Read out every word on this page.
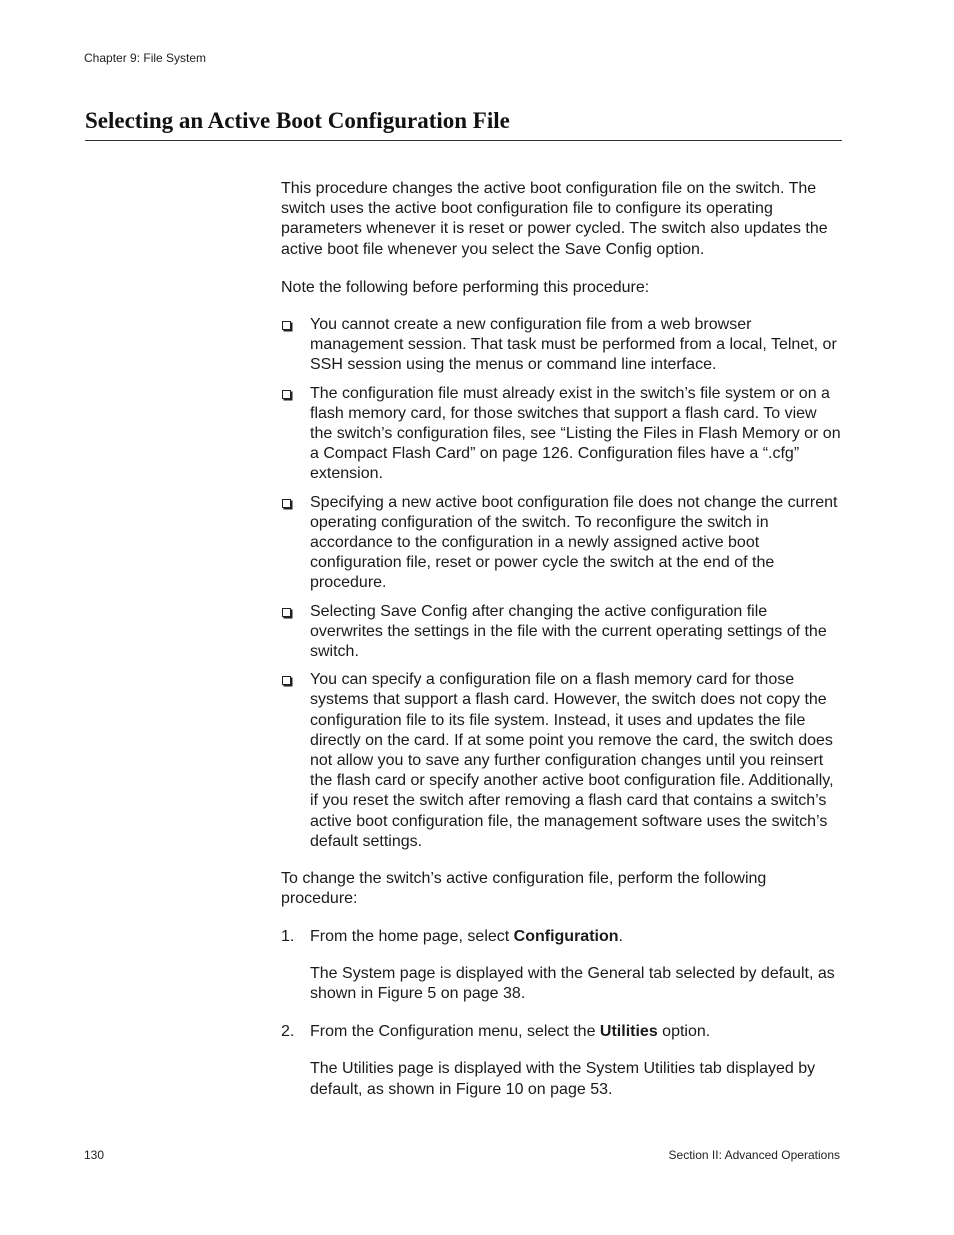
Chapter 9: File System
Selecting an Active Boot Configuration File

This procedure changes the active boot configuration file on the switch. The switch uses the active boot configuration file to configure its operating parameters whenever it is reset or power cycled. The switch also updates the active boot file whenever you select the Save Config option.

Note the following before performing this procedure:

You cannot create a new configuration file from a web browser management session. That task must be performed from a local, Telnet, or SSH session using the menus or command line interface.
The configuration file must already exist in the switch’s file system or on a flash memory card, for those switches that support a flash card. To view the switch’s configuration files, see “Listing the Files in Flash Memory or on a Compact Flash Card” on page 126. Configuration files have a “.cfg” extension.
Specifying a new active boot configuration file does not change the current operating configuration of the switch. To reconfigure the switch in accordance to the configuration in a newly assigned active boot configuration file, reset or power cycle the switch at the end of the procedure.
Selecting Save Config after changing the active configuration file overwrites the settings in the file with the current operating settings of the switch.
You can specify a configuration file on a flash memory card for those systems that support a flash card. However, the switch does not copy the configuration file to its file system. Instead, it uses and updates the file directly on the card. If at some point you remove the card, the switch does not allow you to save any further configuration changes until you reinsert the flash card or specify another active boot configuration file. Additionally, if you reset the switch after removing a flash card that contains a switch’s active boot configuration file, the management software uses the switch’s default settings.

To change the switch’s active configuration file, perform the following procedure:

1. From the home page, select Configuration.

The System page is displayed with the General tab selected by default, as shown in Figure 5 on page 38.

2. From the Configuration menu, select the Utilities option.

The Utilities page is displayed with the System Utilities tab displayed by default, as shown in Figure 10 on page 53.

130	Section II: Advanced Operations
